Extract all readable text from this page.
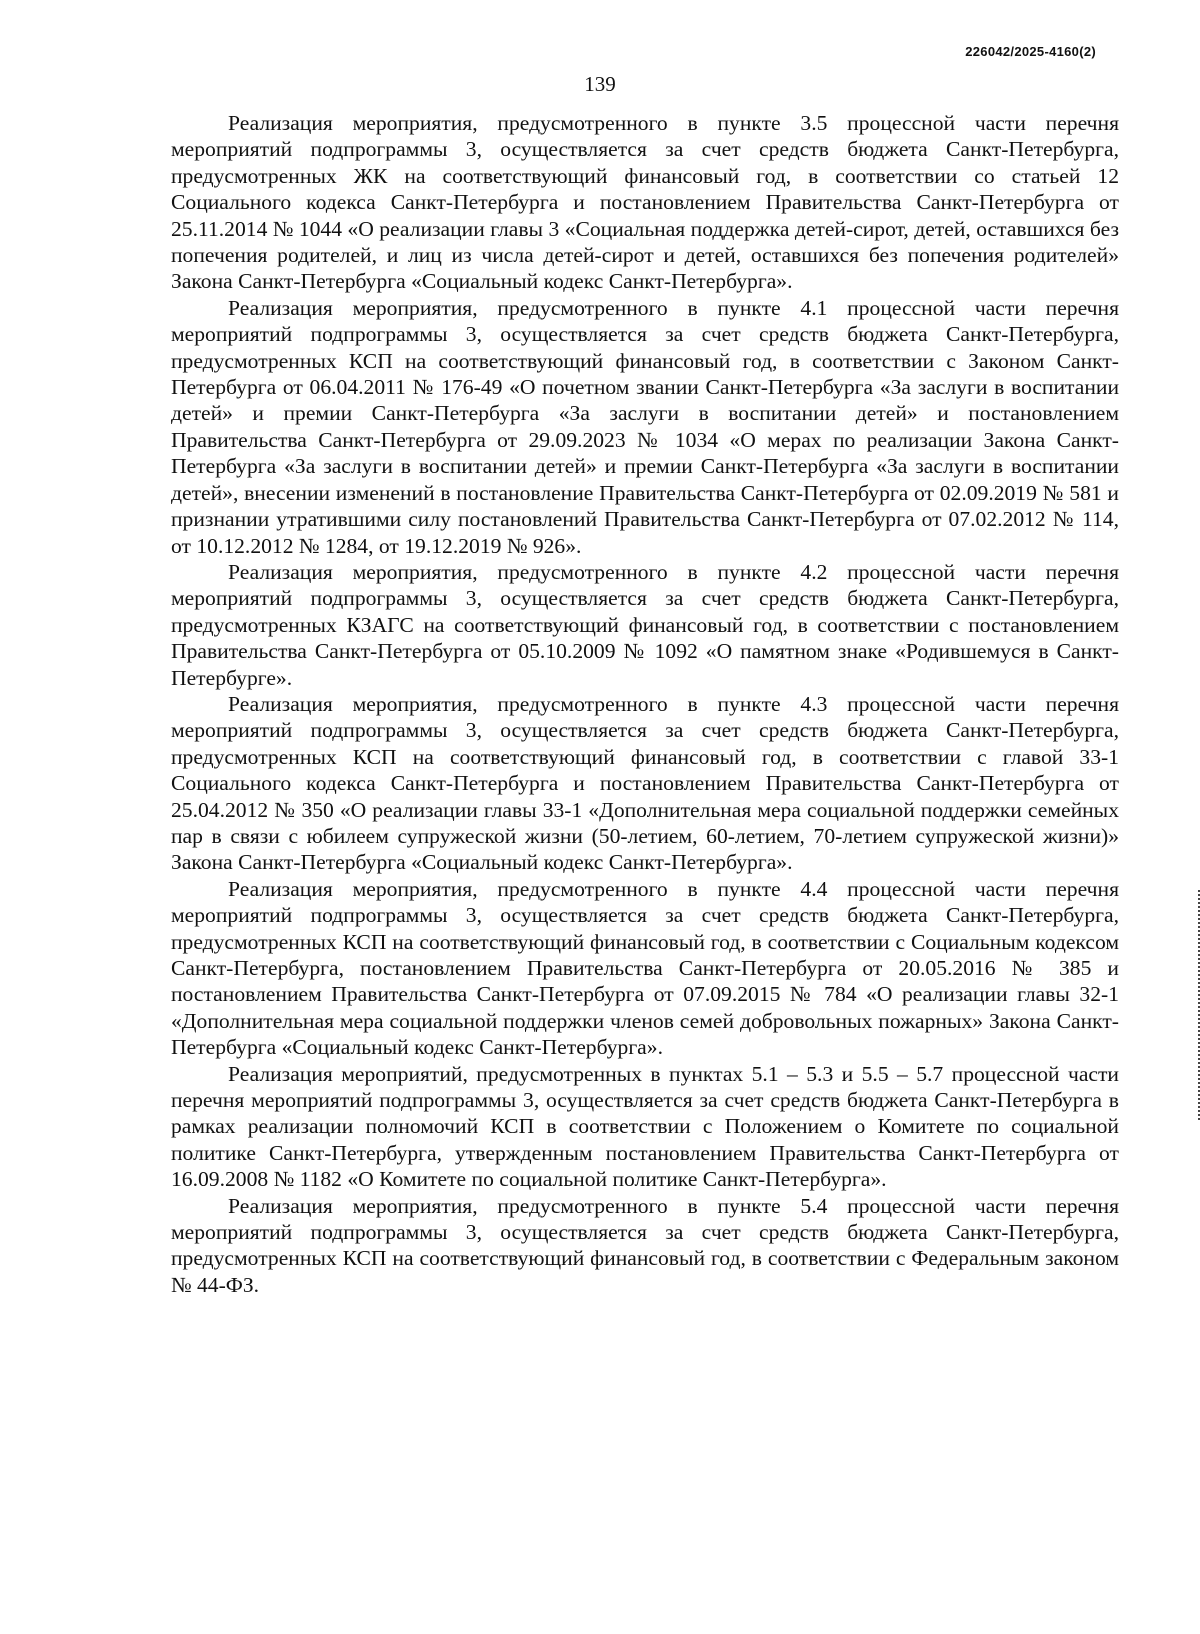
226042/2025-4160(2)
139

Реализация мероприятия, предусмотренного в пункте 3.5 процессной части перечня мероприятий подпрограммы 3, осуществляется за счет средств бюджета Санкт-Петербурга, предусмотренных ЖК на соответствующий финансовый год, в соответствии со статьей 12 Социального кодекса Санкт-Петербурга и постановлением Правительства Санкт-Петербурга от 25.11.2014 № 1044 «О реализации главы 3 «Социальная поддержка детей-сирот, детей, оставшихся без попечения родителей, и лиц из числа детей-сирот и детей, оставшихся без попечения родителей» Закона Санкт-Петербурга «Социальный кодекс Санкт-Петербурга».

Реализация мероприятия, предусмотренного в пункте 4.1 процессной части перечня мероприятий подпрограммы 3, осуществляется за счет средств бюджета Санкт-Петербурга, предусмотренных КСП на соответствующий финансовый год, в соответствии с Законом Санкт-Петербурга от 06.04.2011 № 176-49 «О почетном звании Санкт-Петербурга «За заслуги в воспитании детей» и премии Санкт-Петербурга «За заслуги в воспитании детей» и постановлением Правительства Санкт-Петербурга от 29.09.2023 № 1034 «О мерах по реализации Закона Санкт-Петербурга «За заслуги в воспитании детей» и премии Санкт-Петербурга «За заслуги в воспитании детей», внесении изменений в постановление Правительства Санкт-Петербурга от 02.09.2019 № 581 и признании утратившими силу постановлений Правительства Санкт-Петербурга от 07.02.2012 № 114, от 10.12.2012 № 1284, от 19.12.2019 № 926».

Реализация мероприятия, предусмотренного в пункте 4.2 процессной части перечня мероприятий подпрограммы 3, осуществляется за счет средств бюджета Санкт-Петербурга, предусмотренных КЗАГС на соответствующий финансовый год, в соответствии с постановлением Правительства Санкт-Петербурга от 05.10.2009 № 1092 «О памятном знаке «Родившемуся в Санкт-Петербурге».

Реализация мероприятия, предусмотренного в пункте 4.3 процессной части перечня мероприятий подпрограммы 3, осуществляется за счет средств бюджета Санкт-Петербурга, предусмотренных КСП на соответствующий финансовый год, в соответствии с главой 33-1 Социального кодекса Санкт-Петербурга и постановлением Правительства Санкт-Петербурга от 25.04.2012 № 350 «О реализации главы 33-1 «Дополнительная мера социальной поддержки семейных пар в связи с юбилеем супружеской жизни (50-летием, 60-летием, 70-летием супружеской жизни)» Закона Санкт-Петербурга «Социальный кодекс Санкт-Петербурга».

Реализация мероприятия, предусмотренного в пункте 4.4 процессной части перечня мероприятий подпрограммы 3, осуществляется за счет средств бюджета Санкт-Петербурга, предусмотренных КСП на соответствующий финансовый год, в соответствии с Социальным кодексом Санкт-Петербурга, постановлением Правительства Санкт-Петербурга от 20.05.2016 № 385 и постановлением Правительства Санкт-Петербурга от 07.09.2015 № 784 «О реализации главы 32-1 «Дополнительная мера социальной поддержки членов семей добровольных пожарных» Закона Санкт-Петербурга «Социальный кодекс Санкт-Петербурга».

Реализация мероприятий, предусмотренных в пунктах 5.1 – 5.3 и 5.5 – 5.7 процессной части перечня мероприятий подпрограммы 3, осуществляется за счет средств бюджета Санкт-Петербурга в рамках реализации полномочий КСП в соответствии с Положением о Комитете по социальной политике Санкт-Петербурга, утвержденным постановлением Правительства Санкт-Петербурга от 16.09.2008 № 1182 «О Комитете по социальной политике Санкт-Петербурга».

Реализация мероприятия, предусмотренного в пункте 5.4 процессной части перечня мероприятий подпрограммы 3, осуществляется за счет средств бюджета Санкт-Петербурга, предусмотренных КСП на соответствующий финансовый год, в соответствии с Федеральным законом № 44-ФЗ.
